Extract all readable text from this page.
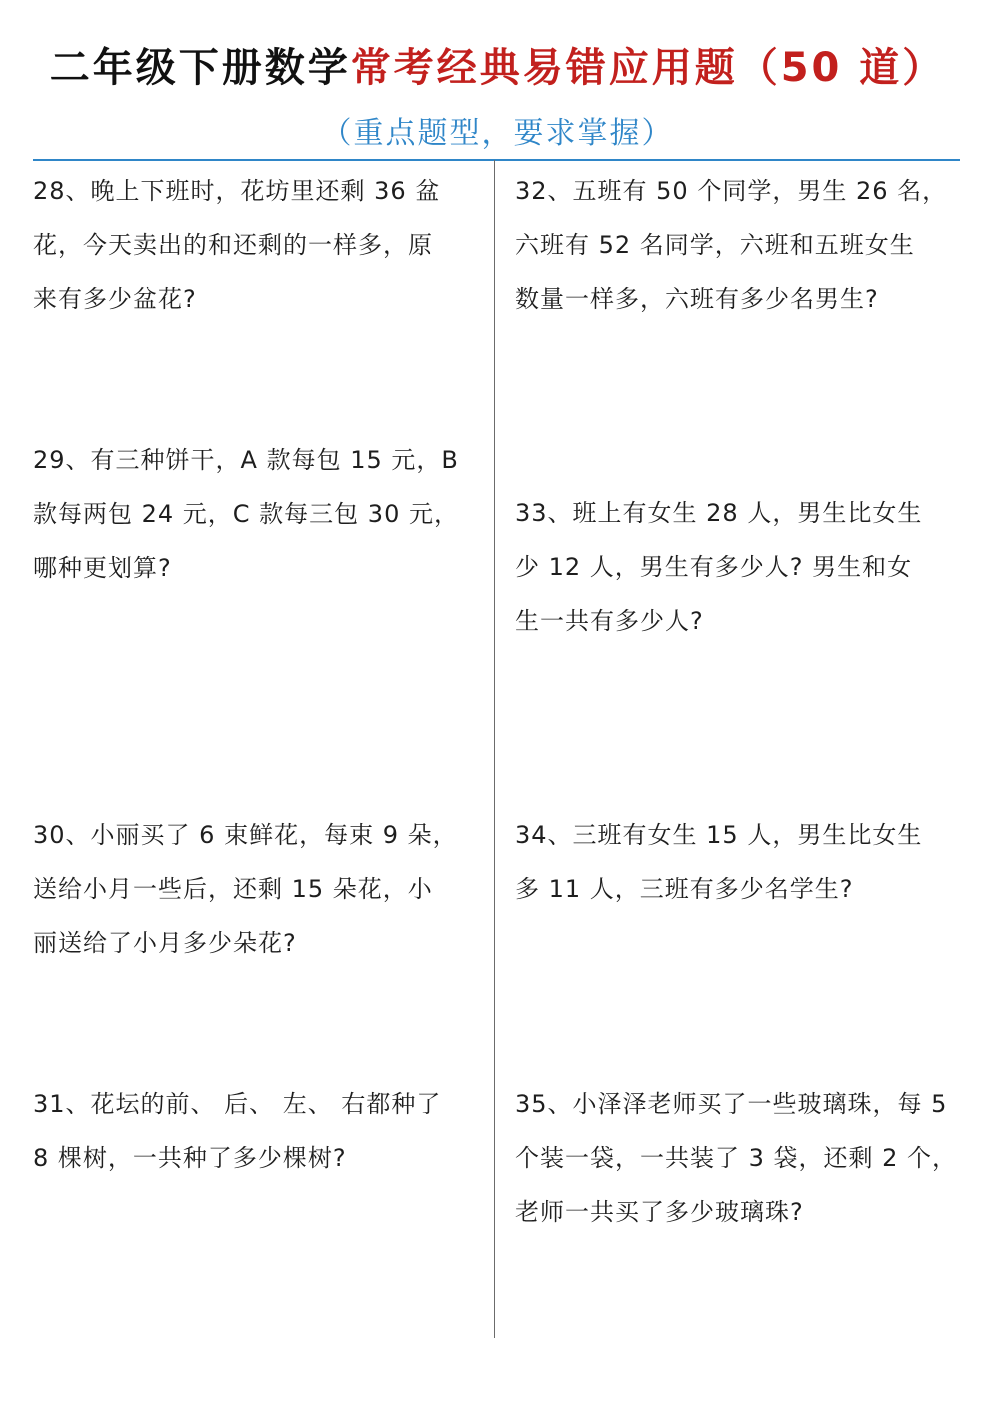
二年级下册数学常考经典易错应用题（50 道）
（重点题型，要求掌握）
28、晚上下班时，花坊里还剩 36 盆
花，今天卖出的和还剩的一样多，原
来有多少盆花?
29、有三种饼干，A 款每包 15 元，B
款每两包 24 元，C 款每三包 30 元，
哪种更划算?
30、小丽买了 6 束鲜花，每束 9 朵，
送给小月一些后，还剩 15 朵花，小
丽送给了小月多少朵花?
31、花坛的前、 后、 左、 右都种了
8 棵树，一共种了多少棵树?
32、五班有 50 个同学，男生 26 名，
六班有 52 名同学，六班和五班女生
数量一样多，六班有多少名男生?
33、班上有女生 28 人，男生比女生
少 12 人，男生有多少人? 男生和女
生一共有多少人?
34、三班有女生 15 人，男生比女生
多 11 人，三班有多少名学生?
35、小泽泽老师买了一些玻璃珠，每 5
个装一袋，一共装了 3 袋，还剩 2 个，
老师一共买了多少玻璃珠?
